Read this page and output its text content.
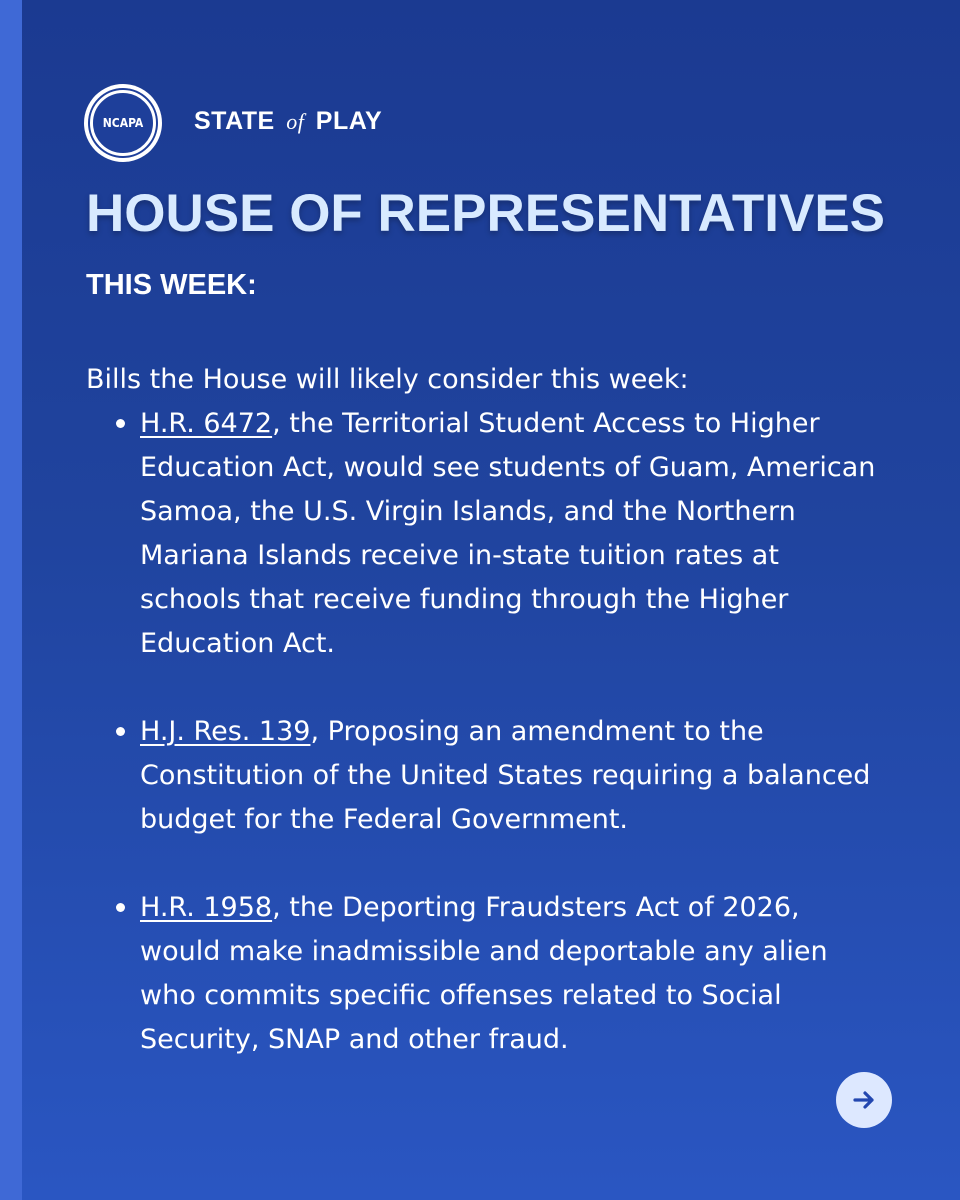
NCAPA STATE of PLAY
HOUSE OF REPRESENTATIVES
THIS WEEK:

Bills the House will likely consider this week:

H.R. 6472, the Territorial Student Access to Higher Education Act, would see students of Guam, American Samoa, the U.S. Virgin Islands, and the Northern Mariana Islands receive in-state tuition rates at schools that receive funding through the Higher Education Act.
H.J. Res. 139, Proposing an amendment to the Constitution of the United States requiring a balanced budget for the Federal Government.
H.R. 1958, the Deporting Fraudsters Act of 2026, would make inadmissible and deportable any alien who commits specific offenses related to Social Security, SNAP and other fraud.
